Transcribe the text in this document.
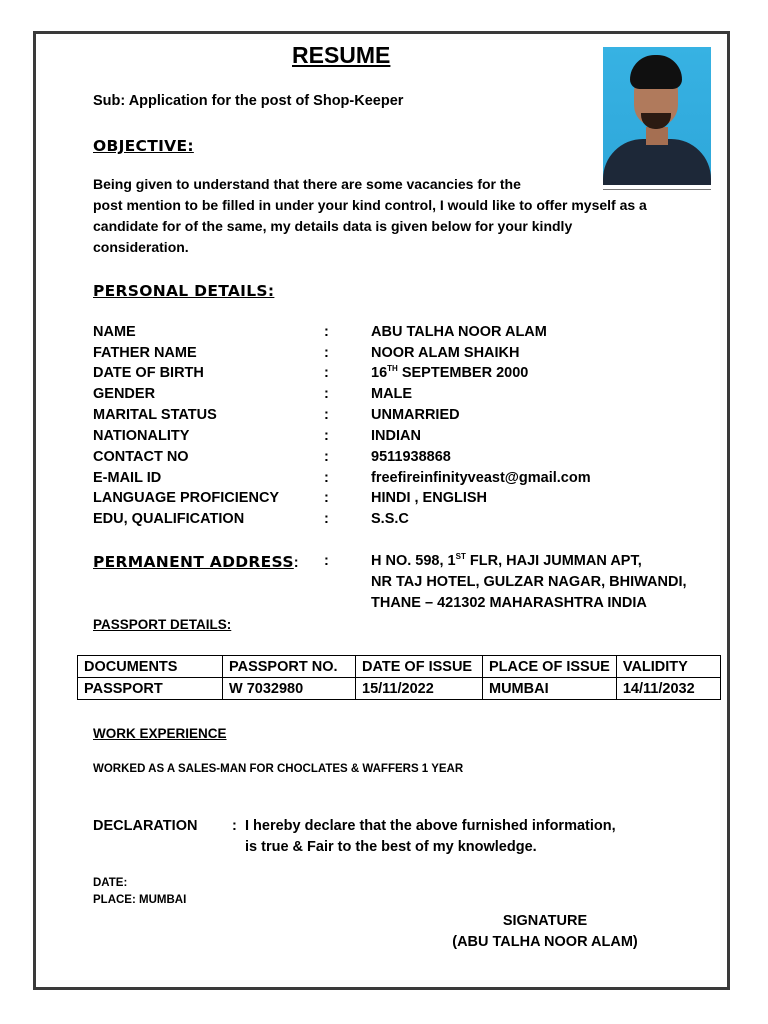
RESUME
Sub: Application for the post of Shop-Keeper
OBJECTIVE:
Being given to understand that there are some vacancies for the
post mention to be filled in under your kind control, I would like to offer myself as a
candidate for of the same, my details data is given below for your kindly
consideration.
PERSONAL DETAILS:
NAME	:	ABU TALHA NOOR ALAM
FATHER NAME	:	NOOR ALAM SHAIKH
DATE OF BIRTH	:	16TH SEPTEMBER 2000
GENDER	:	MALE
MARITAL STATUS	:	UNMARRIED
NATIONALITY	:	INDIAN
CONTACT NO	:	9511938868
E-MAIL ID	:	freefireinfinityveast@gmail.com
LANGUAGE PROFICIENCY	:	HINDI , ENGLISH
EDU, QUALIFICATION	:	S.S.C
PERMANENT ADDRESS: :	H NO. 598, 1ST FLR, HAJI JUMMAN APT,
NR TAJ HOTEL, GULZAR NAGAR, BHIWANDI,
THANE – 421302 MAHARASHTRA INDIA
PASSPORT DETAILS:
DOCUMENTS	PASSPORT NO.	DATE OF ISSUE	PLACE OF ISSUE	VALIDITY
PASSPORT	W 7032980	15/11/2022	MUMBAI	14/11/2032
WORK EXPERIENCE
WORKED AS A SALES-MAN FOR CHOCLATES & WAFFERS 1 YEAR
DECLARATION : I hereby declare that the above furnished information,
is true & Fair to the best of my knowledge.
DATE:
PLACE: MUMBAI
SIGNATURE
(ABU TALHA NOOR ALAM)
